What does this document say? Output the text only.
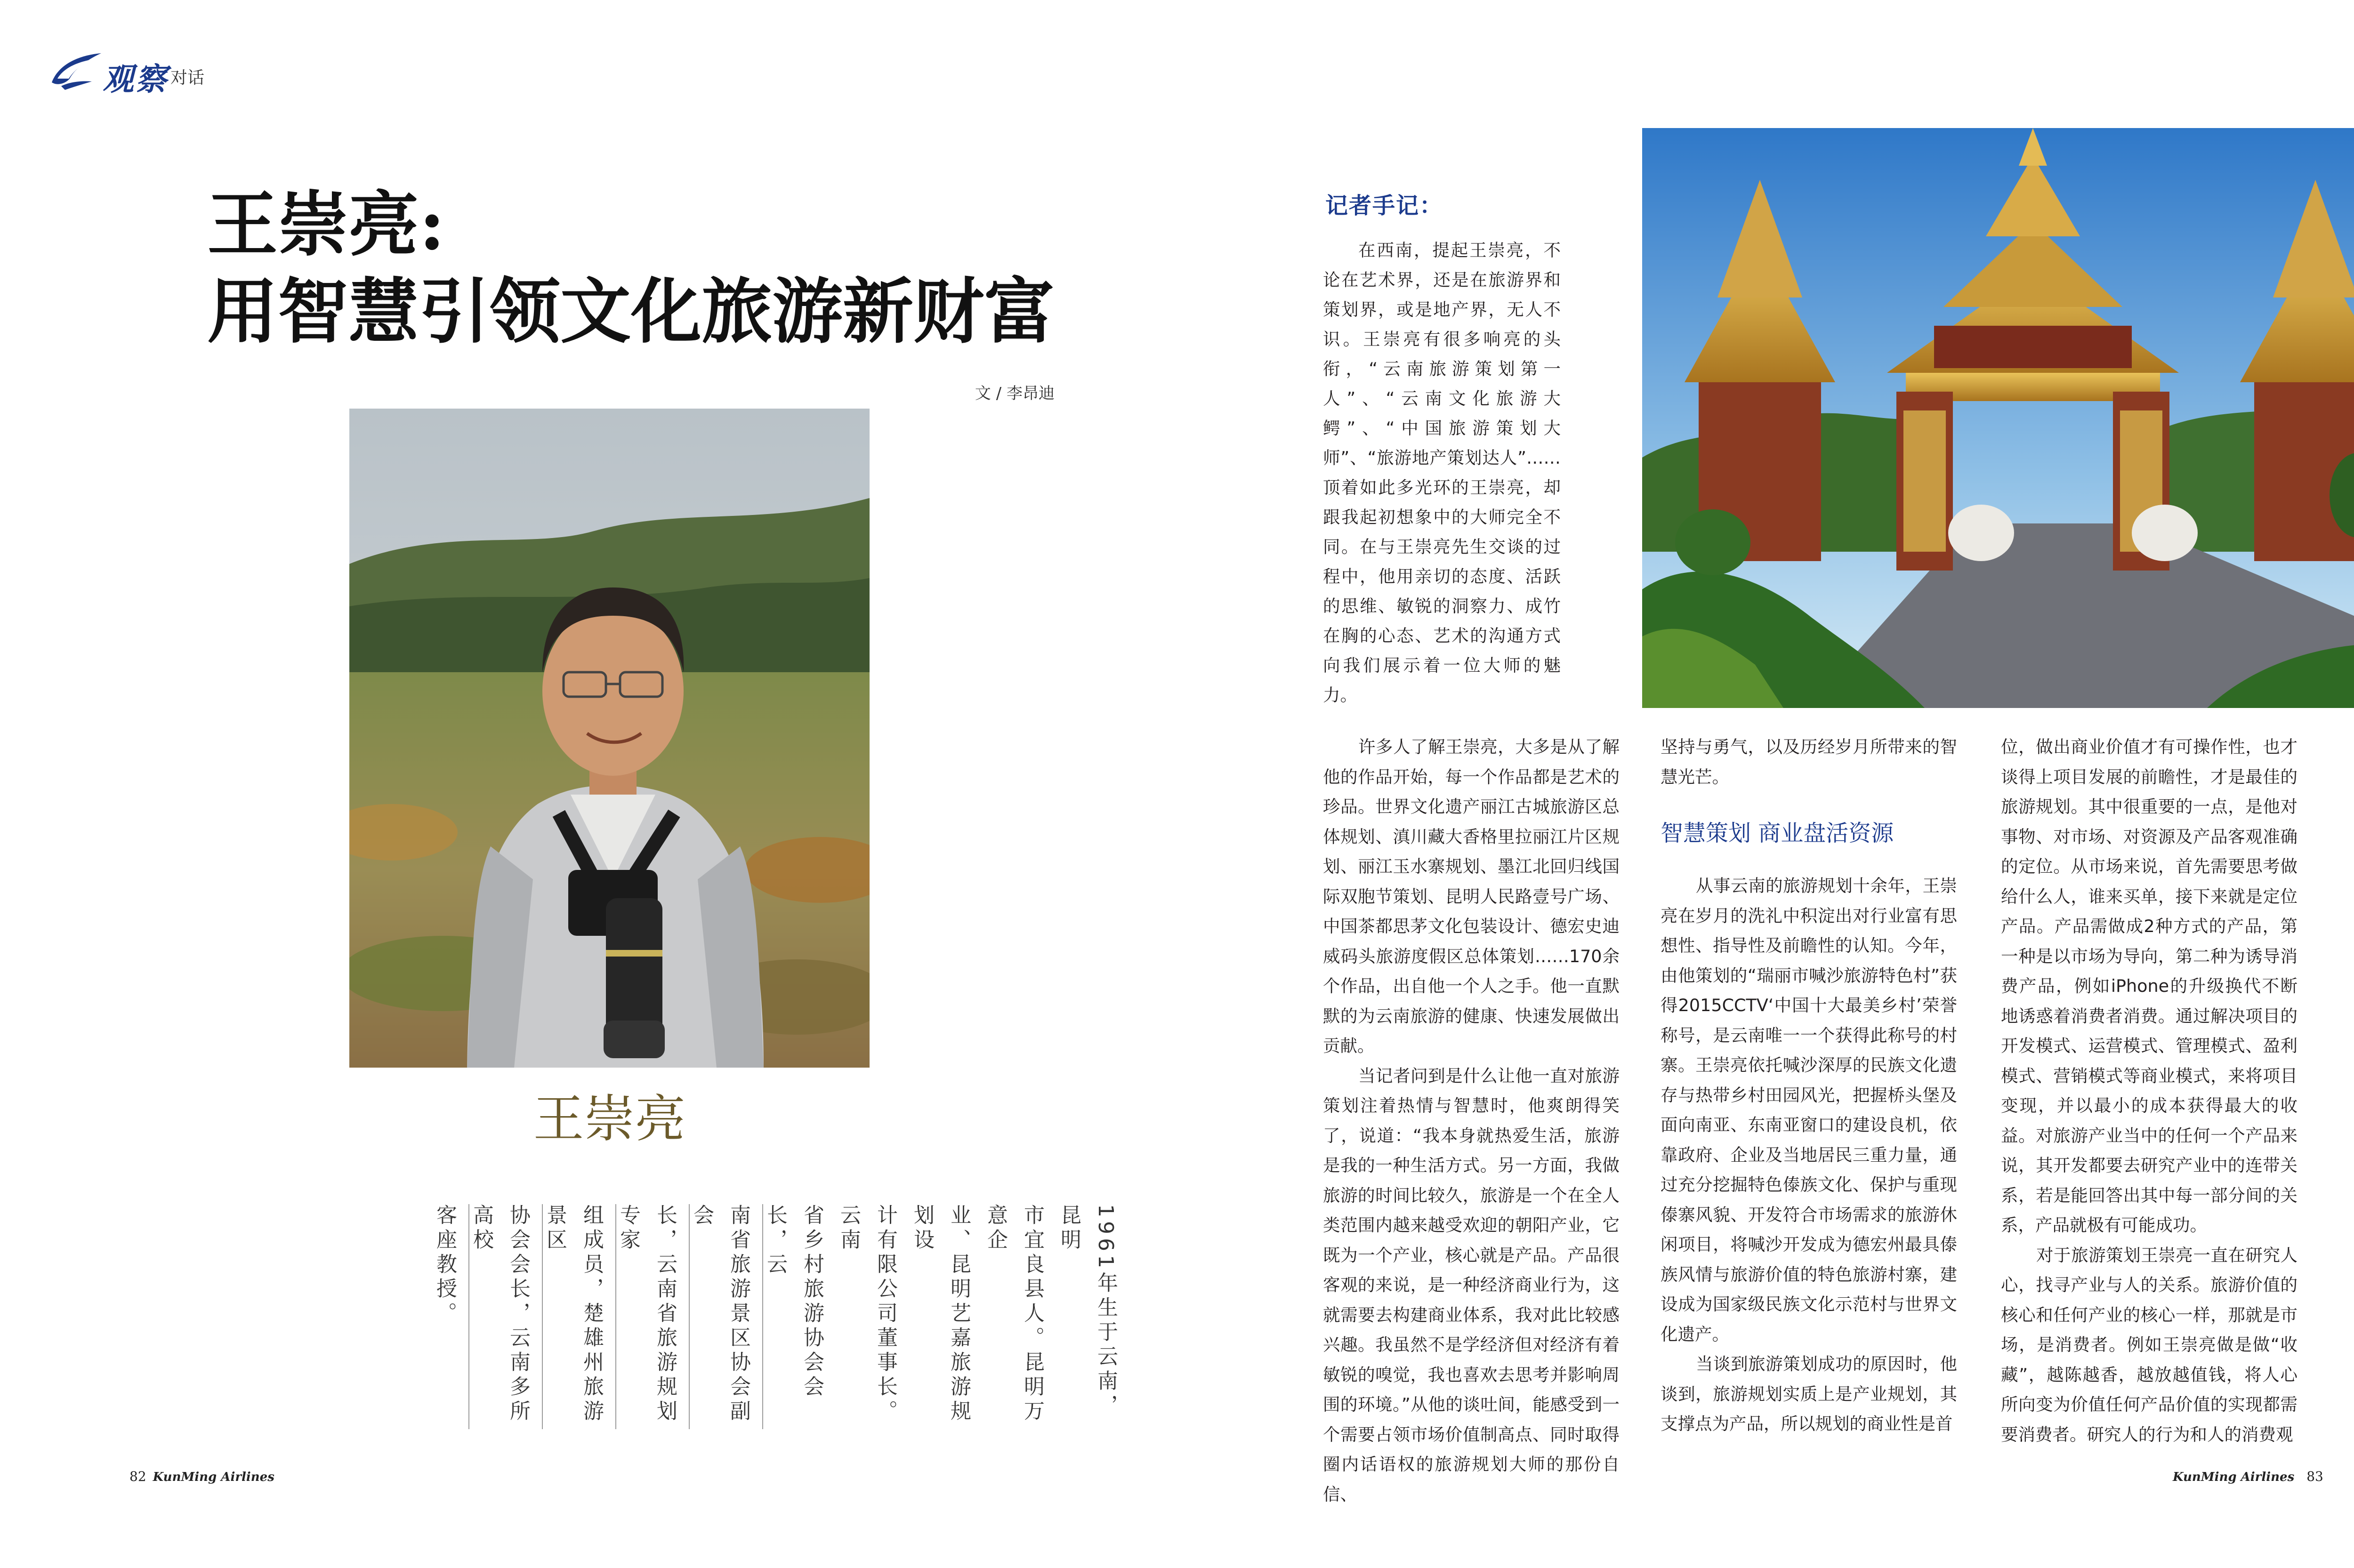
观察 对话
王崇亮:
用智慧引领文化旅游新财富
文 / 李昂迪
王崇亮
1961年生于云南，昆明
市宜良县人。昆明万意企
业、昆明艺嘉旅游规划设
计有限公司董事长。云南
省乡村旅游协会会长，云
南省旅游景区协会副会
长，云南省旅游规划专家
组成员，楚雄州旅游景区
协会会长，云南多所高校
客座教授。
82 KunMing Airlines	KunMing Airlines 83
记者手记：
在西南，提起王崇亮，不论在艺术界，还是在旅游界和策划界，或是地产界，无人不识。王崇亮有很多响亮的头衔，“云南旅游策划第一人”、“云南文化旅游大鳄”、“中国旅游策划大师”、“旅游地产策划达人”……顶着如此多光环的王崇亮，却跟我起初想象中的大师完全不同。在与王崇亮先生交谈的过程中，他用亲切的态度、活跃的思维、敏锐的洞察力、成竹在胸的心态、艺术的沟通方式向我们展示着一位大师的魅力。

许多人了解王崇亮，大多是从了解他的作品开始，每一个作品都是艺术的珍品。世界文化遗产丽江古城旅游区总体规划、滇川藏大香格里拉丽江片区规划、丽江玉水寨规划、墨江北回归线国际双胞节策划、昆明人民路壹号广场、中国茶都思茅文化包装设计、德宏史迪威码头旅游度假区总体策划……170余个作品，出自他一个人之手。他一直默默的为云南旅游的健康、快速发展做出贡献。

当记者问到是什么让他一直对旅游策划注着热情与智慧时，他爽朗得笑了，说道：“我本身就热爱生活，旅游是我的一种生活方式。另一方面，我做旅游的时间比较久，旅游是一个在全人类范围内越来越受欢迎的朝阳产业，它既为一个产业，核心就是产品。产品很客观的来说，是一种经济商业行为，这就需要去构建商业体系，我对此比较感兴趣。我虽然不是学经济但对经济有着敏锐的嗅觉，我也喜欢去思考并影响周围的环境。”从他的谈吐间，能感受到一个需要占领市场价值制高点、同时取得圈内话语权的旅游规划大师的那份自信、

坚持与勇气，以及历经岁月所带来的智慧光芒。

智慧策划 商业盘活资源

从事云南的旅游规划十余年，王崇亮在岁月的洗礼中积淀出对行业富有思想性、指导性及前瞻性的认知。今年，由他策划的“瑞丽市喊沙旅游特色村”获得2015CCTV‘中国十大最美乡村’荣誉称号，是云南唯一一个获得此称号的村寨。王崇亮依托喊沙深厚的民族文化遗存与热带乡村田园风光，把握桥头堡及面向南亚、东南亚窗口的建设良机，依靠政府、企业及当地居民三重力量，通过充分挖掘特色傣族文化、保护与重现傣寨风貌、开发符合市场需求的旅游休闲项目，将喊沙开发成为德宏州最具傣族风情与旅游价值的特色旅游村寨，建设成为国家级民族文化示范村与世界文化遗产。

当谈到旅游策划成功的原因时，他谈到，旅游规划实质上是产业规划，其支撑点为产品，所以规划的商业性是首

位，做出商业价值才有可操作性，也才谈得上项目发展的前瞻性，才是最佳的旅游规划。其中很重要的一点，是他对事物、对市场、对资源及产品客观准确的定位。从市场来说，首先需要思考做给什么人，谁来买单，接下来就是定位产品。产品需做成2种方式的产品，第一种是以市场为导向，第二种为诱导消费产品，例如iPhone的升级换代不断地诱惑着消费者消费。通过解决项目的开发模式、运营模式、管理模式、盈利模式、营销模式等商业模式，来将项目变现，并以最小的成本获得最大的收益。对旅游产业当中的任何一个产品来说，其开发都要去研究产业中的连带关系，若是能回答出其中每一部分间的关系，产品就极有可能成功。

对于旅游策划王崇亮一直在研究人心，找寻产业与人的关系。旅游价值的核心和任何产业的核心一样，那就是市场，是消费者。例如王崇亮做是做“收藏”，越陈越香，越放越值钱，将人心所向变为价值任何产品价值的实现都需要消费者。研究人的行为和人的消费观
